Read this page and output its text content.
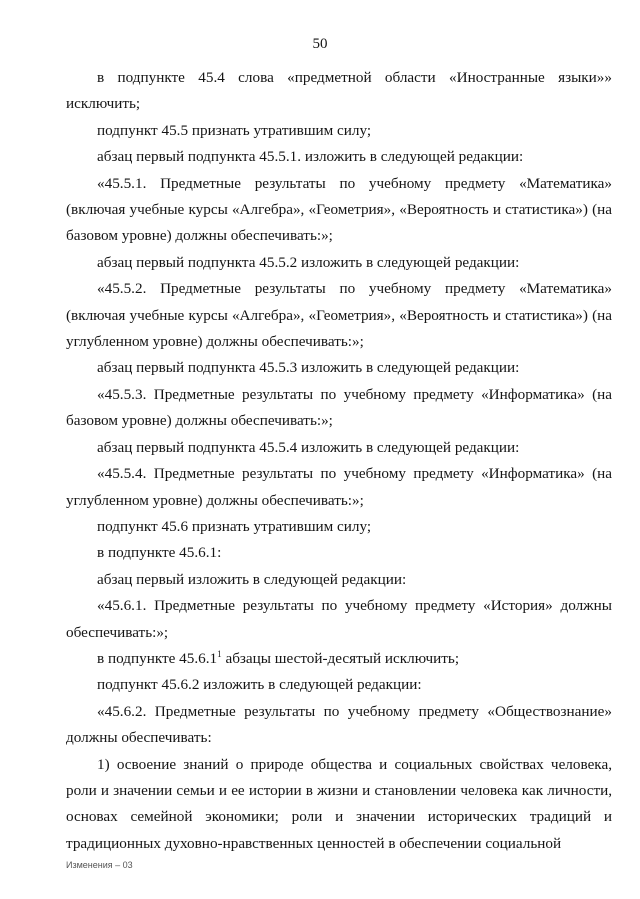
50

в подпункте 45.4 слова «предметной области «Иностранные языки»» исключить;

подпункт 45.5 признать утратившим силу;

абзац первый подпункта 45.5.1. изложить в следующей редакции:

«45.5.1. Предметные результаты по учебному предмету «Математика» (включая учебные курсы «Алгебра», «Геометрия», «Вероятность и статистика») (на базовом уровне) должны обеспечивать:»;

абзац первый подпункта 45.5.2 изложить в следующей редакции:

«45.5.2. Предметные результаты по учебному предмету «Математика» (включая учебные курсы «Алгебра», «Геометрия», «Вероятность и статистика») (на углубленном уровне) должны обеспечивать:»;

абзац первый подпункта 45.5.3 изложить в следующей редакции:

«45.5.3. Предметные результаты по учебному предмету «Информатика» (на базовом уровне) должны обеспечивать:»;

абзац первый подпункта 45.5.4 изложить в следующей редакции:

«45.5.4. Предметные результаты по учебному предмету «Информатика» (на углубленном уровне) должны обеспечивать:»;

подпункт 45.6 признать утратившим силу;

в подпункте 45.6.1:

абзац первый изложить в следующей редакции:

«45.6.1. Предметные результаты по учебному предмету «История» должны обеспечивать:»;

в подпункте 45.6.1$^1$ абзацы шестой-десятый исключить;

подпункт 45.6.2 изложить в следующей редакции:

«45.6.2. Предметные результаты по учебному предмету «Обществознание» должны обеспечивать:

1) освоение знаний о природе общества и социальных свойствах человека, роли и значении семьи и ее истории в жизни и становлении человека как личности, основах семейной экономики; роли и значении исторических традиций и традиционных духовно-нравственных ценностей в обеспечении социальной

Изменения – 03
